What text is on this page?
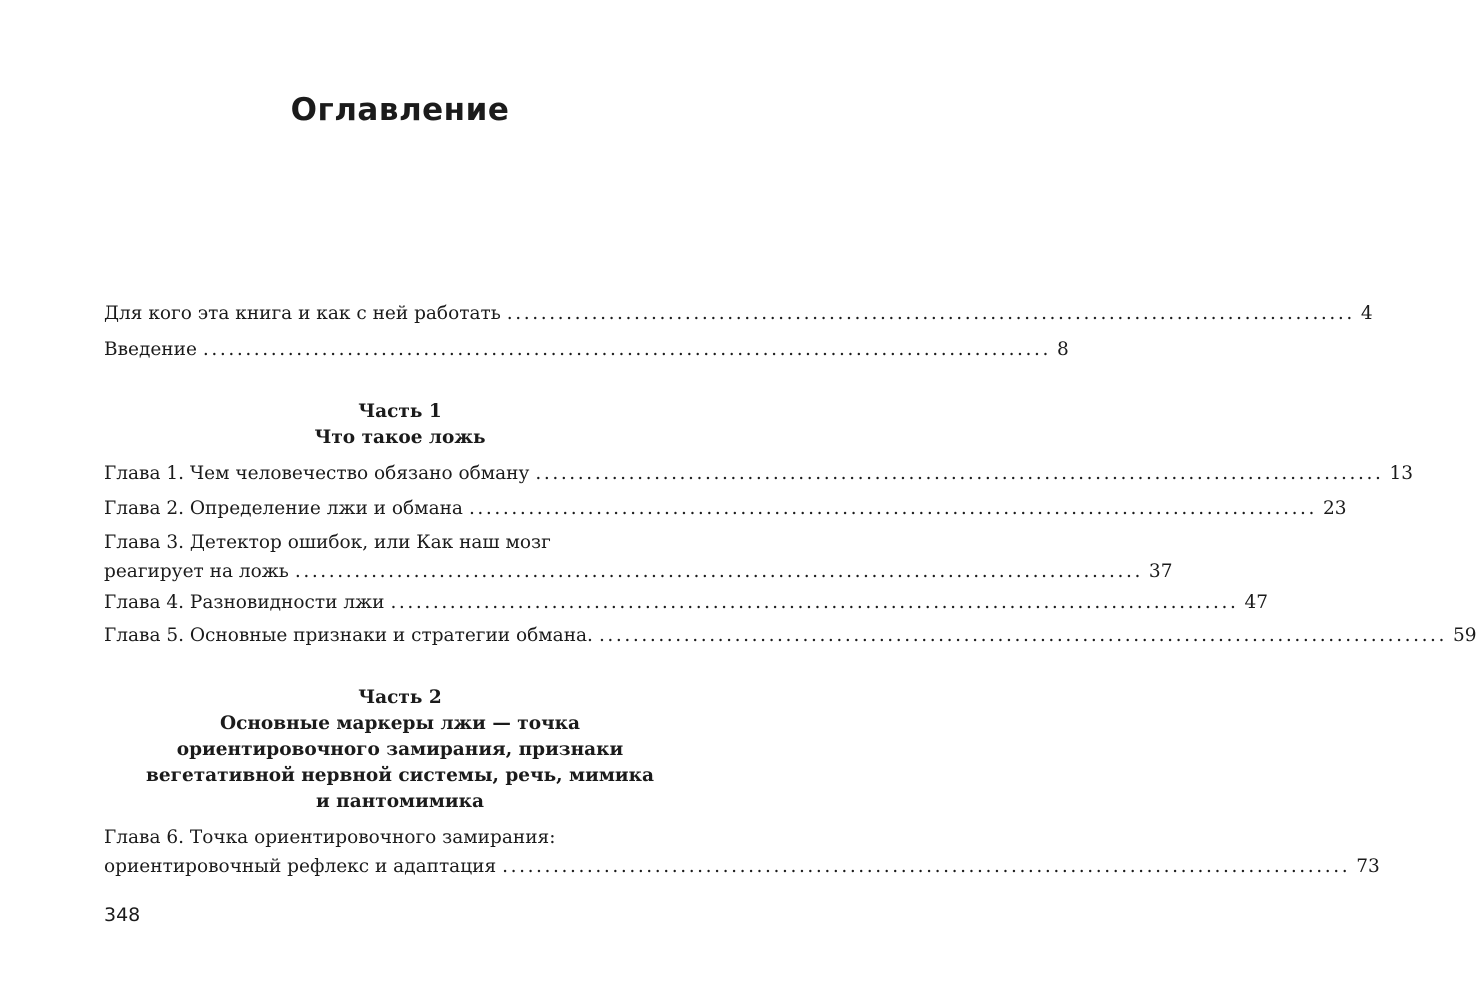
Оглавление
Для кого эта книга и как с ней работать .................................................................................................... 4
Введение .................................................................................................... 8
Часть 1
Что такое ложь
Глава 1. Чем человечество обязано обману .................................................................................................... 13
Глава 2. Определение лжи и обмана .................................................................................................... 23
Глава 3. Детектор ошибок, или Как наш мозг
реагирует на ложь .................................................................................................... 37
Глава 4. Разновидности лжи .................................................................................................... 47
Глава 5. Основные признаки и стратегии обмана. .................................................................................................... 59
Часть 2
Основные маркеры лжи — точка
ориентировочного замирания, признаки
вегетативной нервной системы, речь, мимика
и пантомимика
Глава 6. Точка ориентировочного замирания:
ориентировочный рефлекс и адаптация .................................................................................................... 73
348
